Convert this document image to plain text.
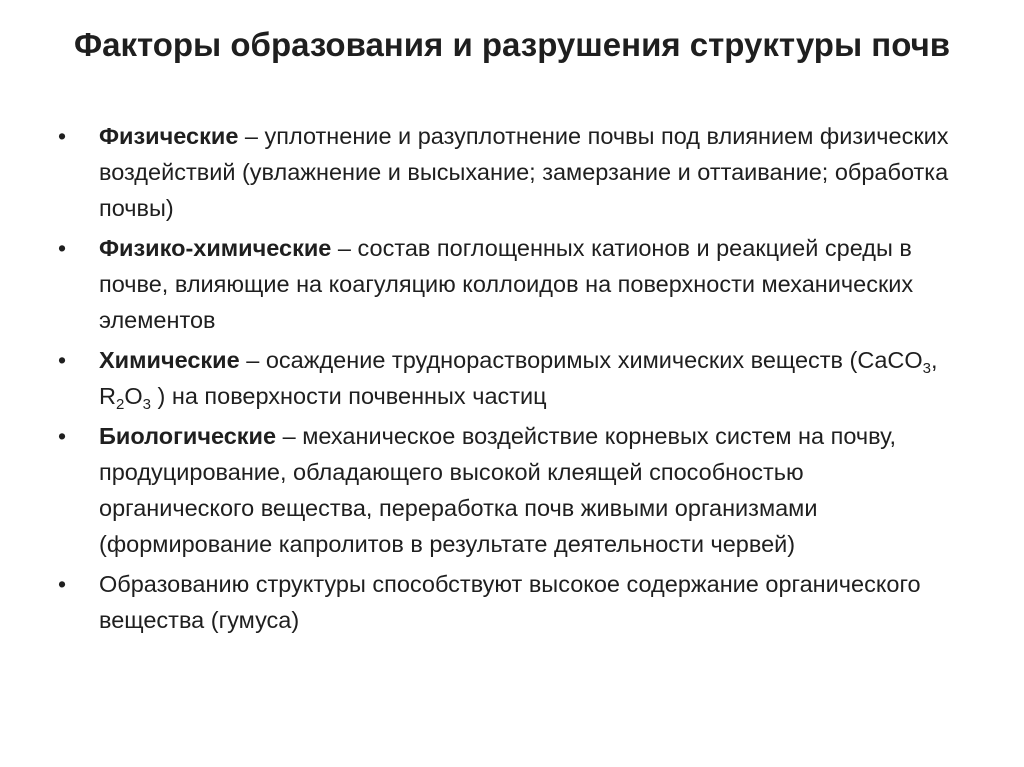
Факторы образования и разрушения структуры почв
• Физические – уплотнение и разуплотнение почвы под влиянием физических воздействий (увлажнение и высыхание; замерзание и оттаивание; обработка почвы)
• Физико-химические – состав поглощенных катионов и реакцией среды в почве, влияющие на коагуляцию коллоидов на поверхности механических элементов
• Химические – осаждение труднорастворимых химических веществ (CaCO$_3$, $R_2O_3$ ) на поверхности почвенных частиц
• Биологические – механическое воздействие корневых систем на почву, продуцирование, обладающего высокой клеящей способностью органического вещества, переработка почв живыми организмами (формирование капролитов в результате деятельности червей)
• Образованию структуры способствуют высокое содержание органического вещества (гумуса)
